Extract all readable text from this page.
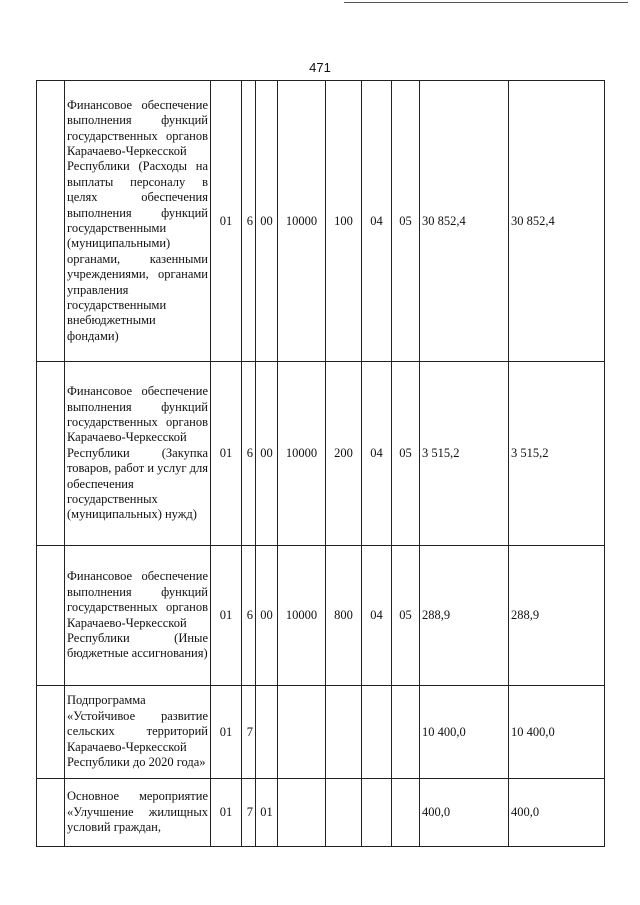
471
	Финансовое обеспечение выполнения функций государственных органов Карачаево-Черкесской Республики (Расходы на выплаты персоналу в целях обеспечения выполнения функций государственными (муниципальными) органами, казенными учреждениями, органами управления государственными внебюджетными фондами)	01	6	00	10000	100	04	05	30 852,4	30 852,4
	Финансовое обеспечение выполнения функций государственных органов Карачаево-Черкесской Республики (Закупка товаров, работ и услуг для обеспечения государственных (муниципальных) нужд)	01	6	00	10000	200	04	05	3 515,2	3 515,2
	Финансовое обеспечение выполнения функций государственных органов Карачаево-Черкесской Республики (Иные бюджетные ассигнования)	01	6	00	10000	800	04	05	288,9	288,9
	Подпрограмма «Устойчивое развитие сельских территорий Карачаево-Черкесской Республики до 2020 года»	01	7						10 400,0	10 400,0
	Основное мероприятие «Улучшение жилищных условий граждан,	01	7	01					400,0	400,0
